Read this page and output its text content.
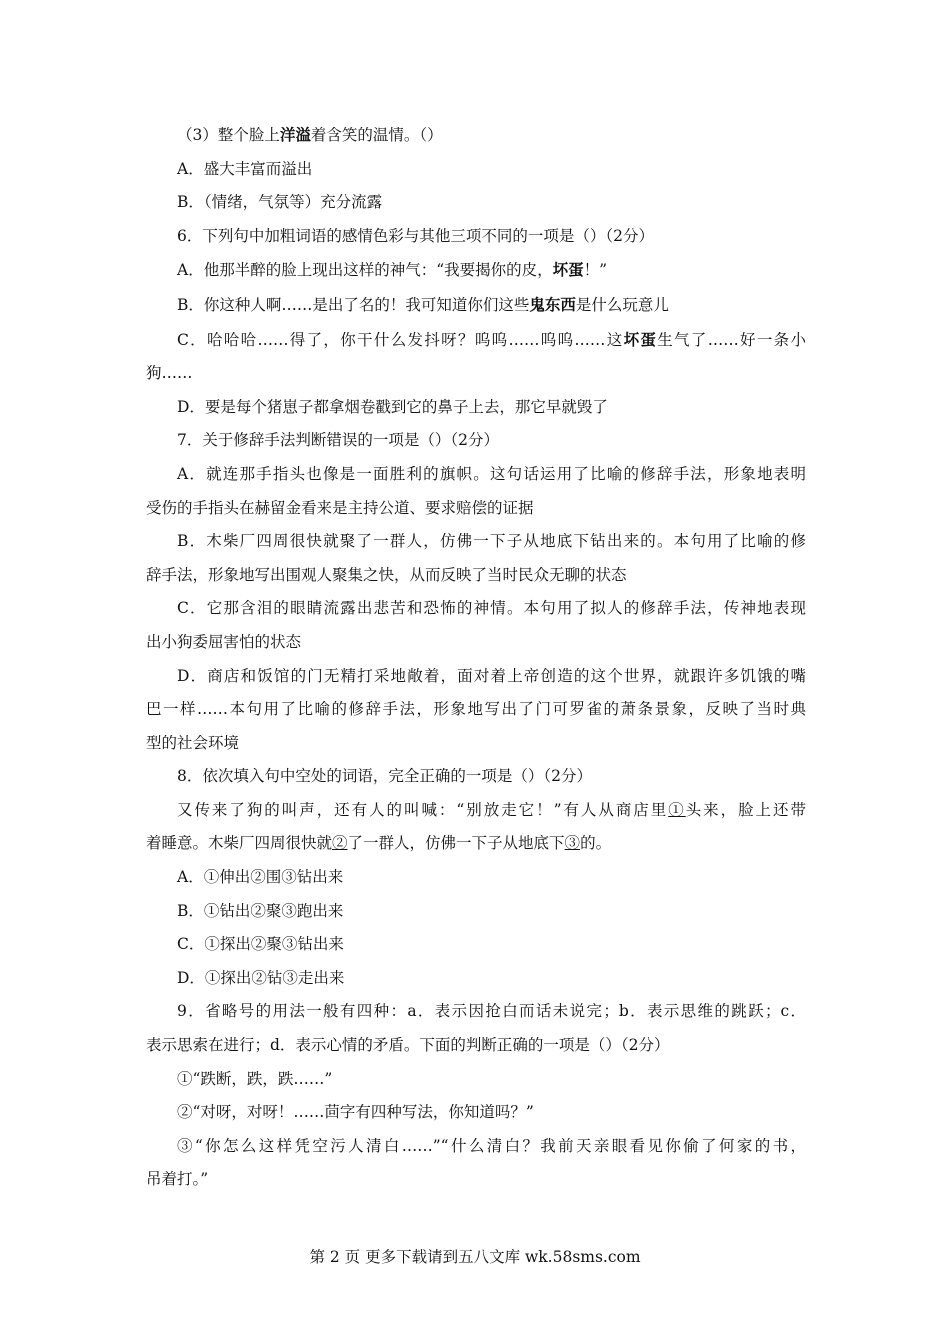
（3）整个脸上洋溢着含笑的温情。（）
A．盛大丰富而溢出
B．（情绪，气氛等）充分流露
6．下列句中加粗词语的感情色彩与其他三项不同的一项是（）（2分）
A．他那半醉的脸上现出这样的神气：“我要揭你的皮，坏蛋！”
B．你这种人啊……是出了名的！我可知道你们这些鬼东西是什么玩意儿
C．哈哈哈……得了，你干什么发抖呀？呜呜……呜呜……这坏蛋生气了……好一条小
狗……
D．要是每个猪崽子都拿烟卷戳到它的鼻子上去，那它早就毁了
7．关于修辞手法判断错误的一项是（）（2分）
A．就连那手指头也像是一面胜利的旗帜。这句话运用了比喻的修辞手法，形象地表明
受伤的手指头在赫留金看来是主持公道、要求赔偿的证据
B．木柴厂四周很快就聚了一群人，仿佛一下子从地底下钻出来的。本句用了比喻的修
辞手法，形象地写出围观人聚集之快，从而反映了当时民众无聊的状态
C．它那含泪的眼睛流露出悲苦和恐怖的神情。本句用了拟人的修辞手法，传神地表现
出小狗委屈害怕的状态
D．商店和饭馆的门无精打采地敞着，面对着上帝创造的这个世界，就跟许多饥饿的嘴
巴一样……本句用了比喻的修辞手法，形象地写出了门可罗雀的萧条景象，反映了当时典
型的社会环境
8．依次填入句中空处的词语，完全正确的一项是（）（2分）
又传来了狗的叫声，还有人的叫喊：“别放走它！”有人从商店里①头来，脸上还带
着睡意。木柴厂四周很快就②了一群人，仿佛一下子从地底下③的。
A．①伸出②围③钻出来
B．①钻出②聚③跑出来
C．①探出②聚③钻出来
D．①探出②钻③走出来
9．省略号的用法一般有四种：a．表示因抢白而话未说完；b．表示思维的跳跃；c．
表示思索在进行；d．表示心情的矛盾。下面的判断正确的一项是（）（2分）
①“跌断，跌，跌……”
②“对呀，对呀！……茴字有四种写法，你知道吗？”
③“你怎么这样凭空污人清白……”“什么清白？我前天亲眼看见你偷了何家的书，
吊着打。”
第 2 页 更多下载请到五八文库 wk.58sms.com
